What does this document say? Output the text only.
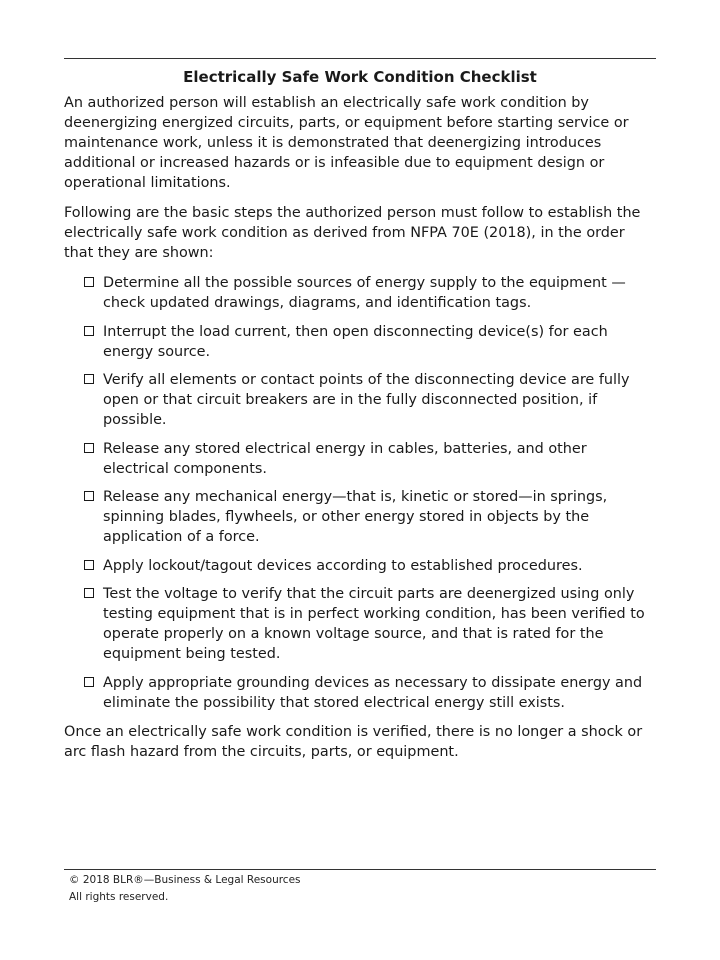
Electrically Safe Work Condition Checklist

An authorized person will establish an electrically safe work condition by deenergizing energized circuits, parts, or equipment before starting service or maintenance work, unless it is demonstrated that deenergizing introduces additional or increased hazards or is infeasible due to equipment design or operational limitations.

Following are the basic steps the authorized person must follow to establish the electrically safe work condition as derived from NFPA 70E (2018), in the order that they are shown:

Determine all the possible sources of energy supply to the equipment —check updated drawings, diagrams, and identification tags.
Interrupt the load current, then open disconnecting device(s) for each energy source.
Verify all elements or contact points of the disconnecting device are fully open or that circuit breakers are in the fully disconnected position, if possible.
Release any stored electrical energy in cables, batteries, and other electrical components.
Release any mechanical energy—that is, kinetic or stored—in springs, spinning blades, flywheels, or other energy stored in objects by the application of a force.
Apply lockout/tagout devices according to established procedures.
Test the voltage to verify that the circuit parts are deenergized using only testing equipment that is in perfect working condition, has been verified to operate properly on a known voltage source, and that is rated for the equipment being tested.
Apply appropriate grounding devices as necessary to dissipate energy and eliminate the possibility that stored electrical energy still exists.

Once an electrically safe work condition is verified, there is no longer a shock or arc flash hazard from the circuits, parts, or equipment.

© 2018 BLR®—Business & Legal Resources
All rights reserved.
